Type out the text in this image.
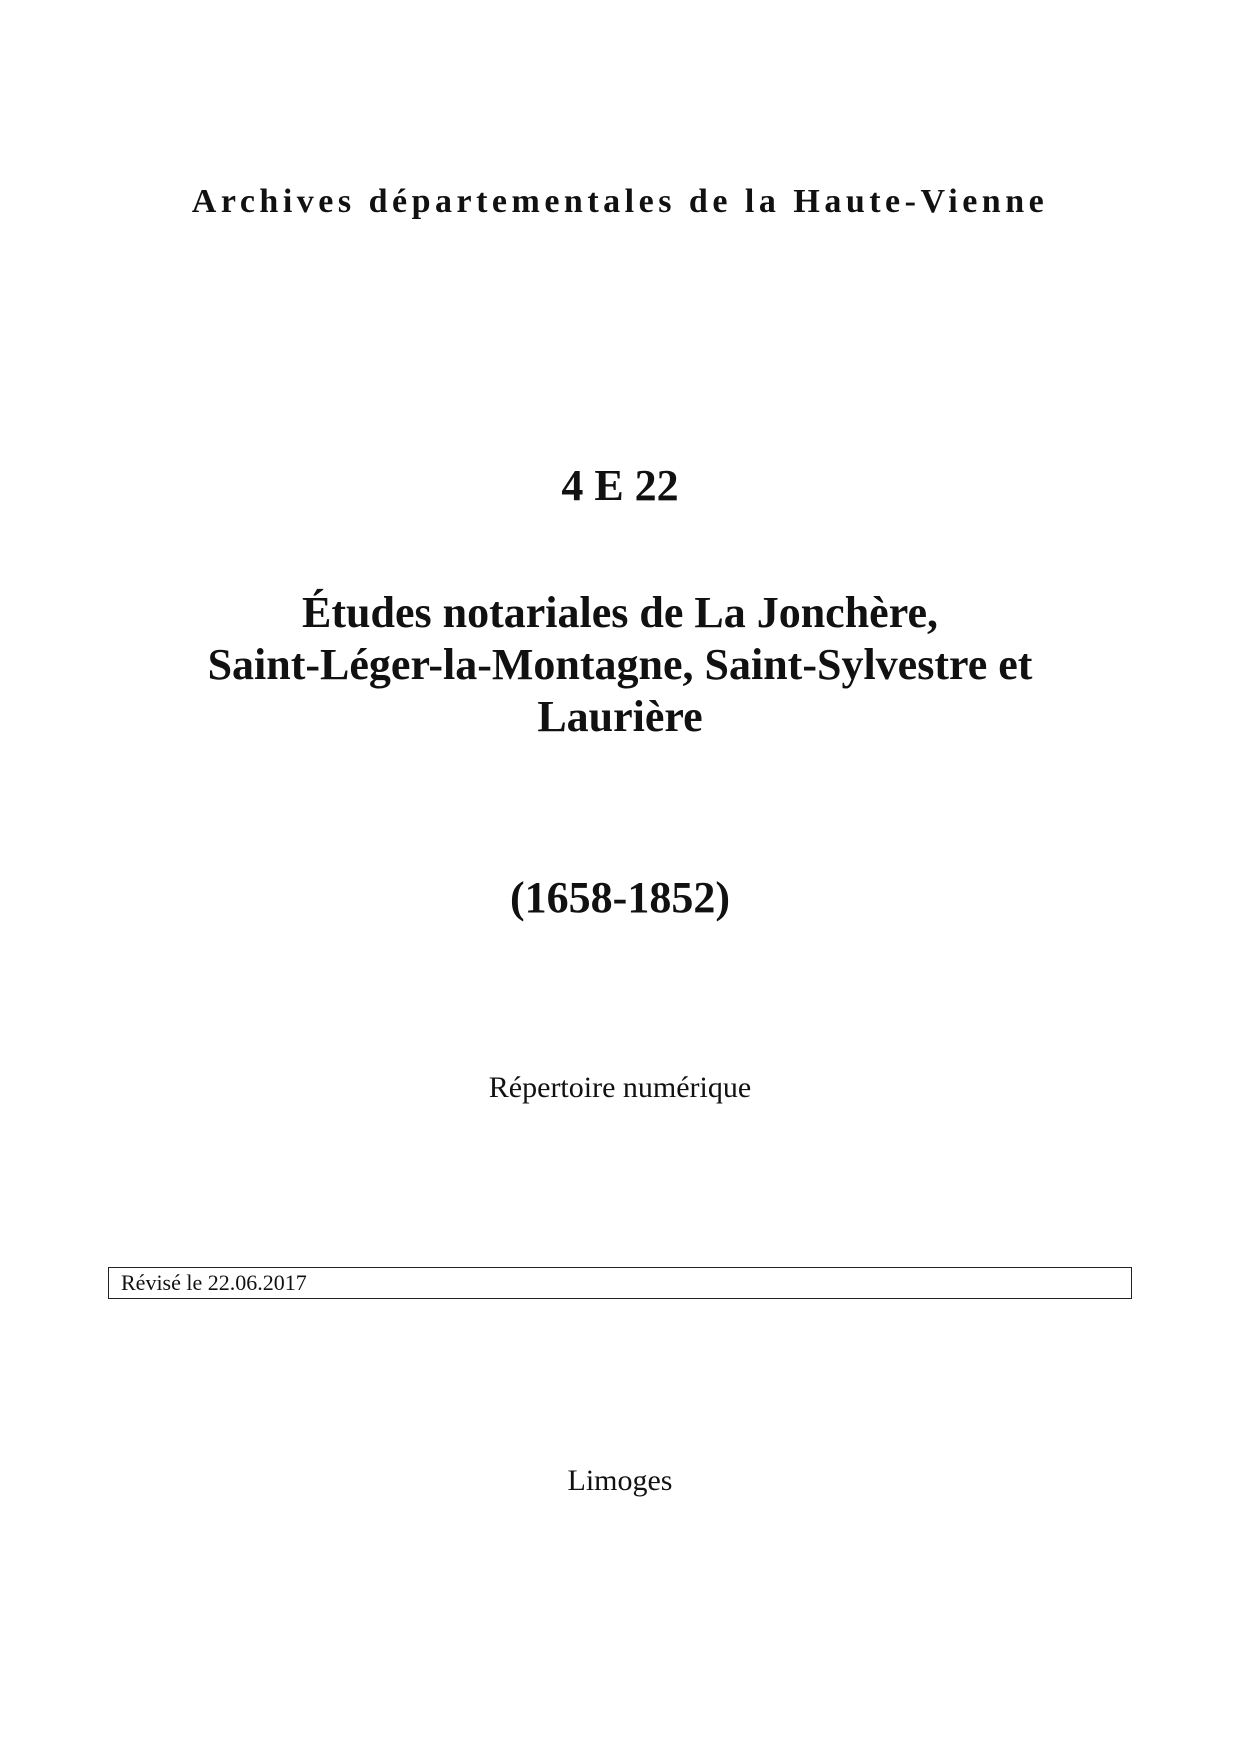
Archives départementales de la Haute-Vienne

4 E 22

Études notariales de La Jonchère,
Saint-Léger-la-Montagne, Saint-Sylvestre et
Laurière

(1658-1852)

Répertoire numérique

Révisé le 22.06.2017

Limoges
